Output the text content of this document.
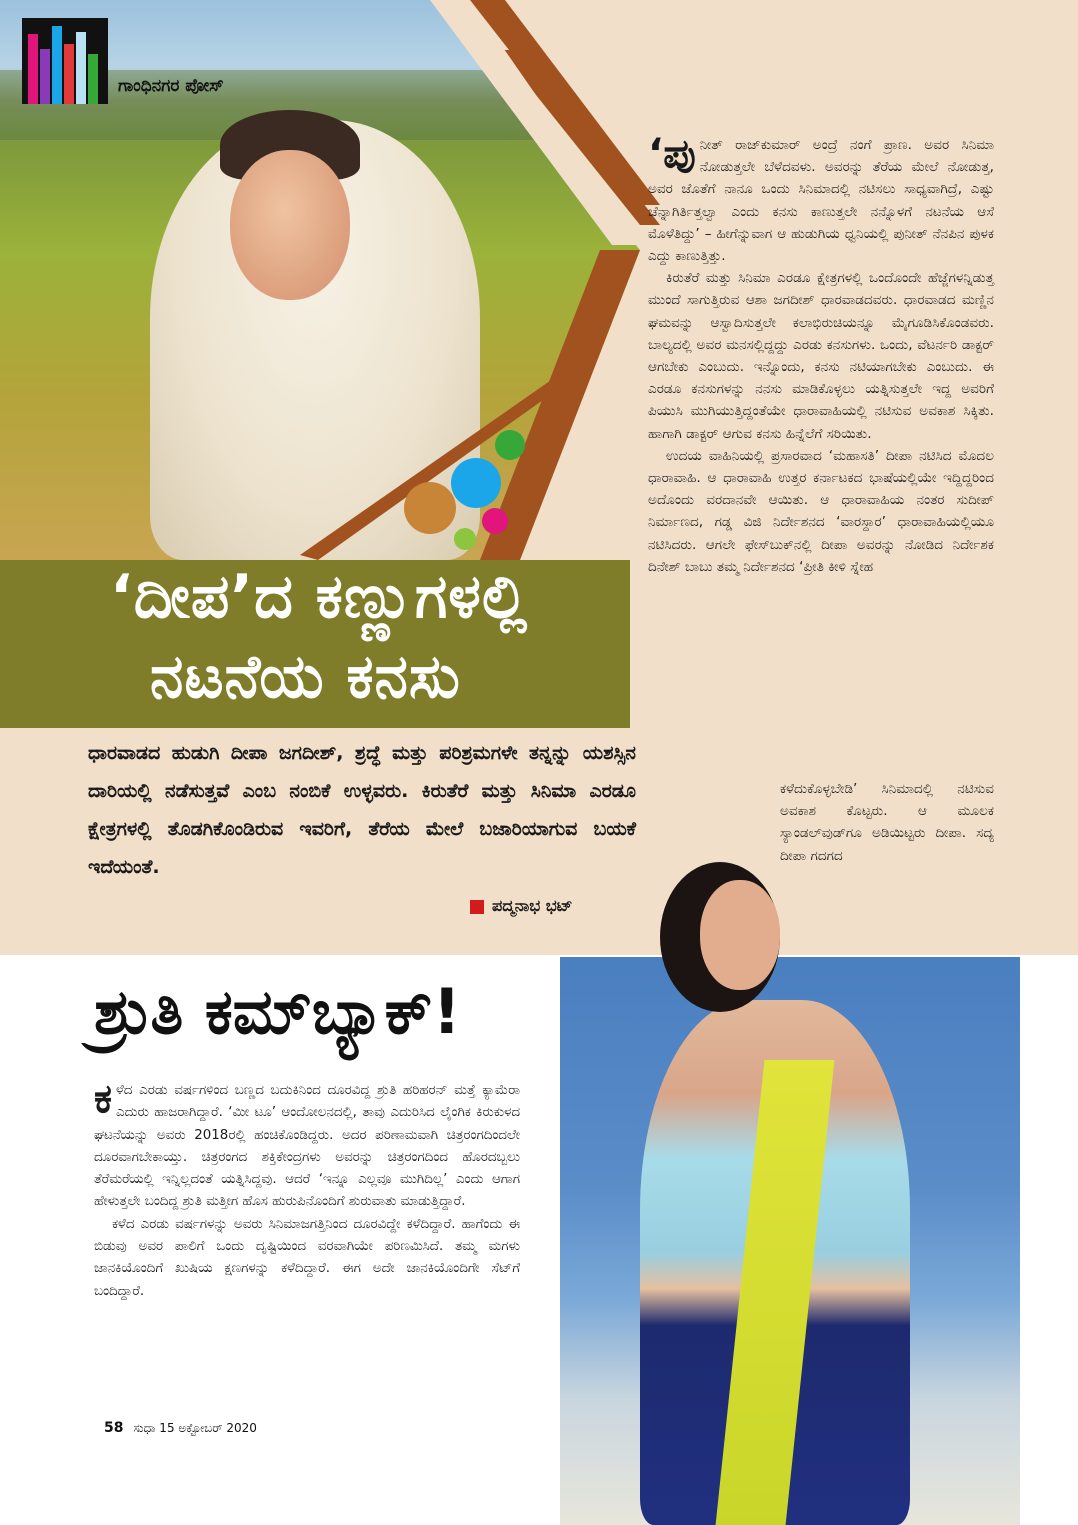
ಗಾಂಧಿನಗರ ಪೋಸ್
‘ದೀಪ’ದ ಕಣ್ಣುಗಳಲ್ಲಿ
ನಟನೆಯ ಕನಸು
ಧಾರವಾಡದ ಹುಡುಗಿ ದೀಪಾ ಜಗದೀಶ್, ಶ್ರದ್ಧೆ ಮತ್ತು ಪರಿಶ್ರಮಗಳೇ ತನ್ನನ್ನು ಯಶಸ್ಸಿನ ದಾರಿಯಲ್ಲಿ ನಡೆಸುತ್ತವೆ ಎಂಬ ನಂಬಿಕೆ ಉಳ್ಳವರು. ಕಿರುತೆರೆ ಮತ್ತು ಸಿನಿಮಾ ಎರಡೂ ಕ್ಷೇತ್ರಗಳಲ್ಲಿ ತೊಡಗಿಕೊಂಡಿರುವ ಇವರಿಗೆ, ತೆರೆಯ ಮೇಲೆ ಬಜಾರಿಯಾಗುವ ಬಯಕೆ ಇದೆಯಂತೆ.
ಪದ್ಮನಾಭ ಭಟ್

‘ಪುನೀತ್ ರಾಜ್‌ಕುಮಾರ್ ಅಂದ್ರೆ ನಂಗೆ ಪ್ರಾಣ. ಅವರ ಸಿನಿಮಾ ನೋಡುತ್ತಲೇ ಬೆಳೆದವಳು. ಅವರನ್ನು ತೆರೆಯ ಮೇಲೆ ನೋಡುತ್ತ, ಅವರ ಜೊತೆಗೆ ನಾನೂ ಒಂದು ಸಿನಿಮಾದಲ್ಲಿ ನಟಿಸಲು ಸಾಧ್ಯವಾಗಿದ್ರೆ, ಎಷ್ಟು ಚೆನ್ನಾಗಿರ್ತಿತ್ತಲ್ವಾ ಎಂದು ಕನಸು ಕಾಣುತ್ತಲೇ ನನ್ನೊಳಗೆ ನಟನೆಯ ಆಸೆ ಮೊಳೆತಿದ್ದು’ – ಹೀಗೆನ್ನುವಾಗ ಆ ಹುಡುಗಿಯ ಧ್ವನಿಯಲ್ಲಿ ಪುನೀತ್ ನೆನಪಿನ ಪುಳಕ ಎದ್ದು ಕಾಣುತ್ತಿತ್ತು.

ಕಿರುತೆರೆ ಮತ್ತು ಸಿನಿಮಾ ಎರಡೂ ಕ್ಷೇತ್ರಗಳಲ್ಲಿ ಒಂದೊಂದೇ ಹೆಜ್ಜೆಗಳನ್ನಿಡುತ್ತ ಮುಂದೆ ಸಾಗುತ್ತಿರುವ ಆಶಾ ಜಗದೀಶ್ ಧಾರವಾಡದವರು. ಧಾರವಾಡದ ಮಣ್ಣಿನ ಘಮವನ್ನು ಆಸ್ವಾದಿಸುತ್ತಲೇ ಕಲಾಭಿರುಚಿಯನ್ನೂ ಮೈಗೂಡಿಸಿಕೊಂಡವರು. ಬಾಲ್ಯದಲ್ಲಿ ಅವರ ಮನಸಲ್ಲಿದ್ದದ್ದು ಎರಡು ಕನಸುಗಳು. ಒಂದು, ವೆಟರ್ನರಿ ಡಾಕ್ಟರ್ ಆಗಬೇಕು ಎಂಬುದು. ಇನ್ನೊಂದು, ಕನಸು ನಟಿಯಾಗಬೇಕು ಎಂಬುದು. ಈ ಎರಡೂ ಕನಸುಗಳನ್ನು ನನಸು ಮಾಡಿಕೊಳ್ಳಲು ಯತ್ನಿಸುತ್ತಲೇ ಇದ್ದ ಅವರಿಗೆ ಪಿಯುಸಿ ಮುಗಿಯುತ್ತಿದ್ದಂತೆಯೇ ಧಾರಾವಾಹಿಯಲ್ಲಿ ನಟಿಸುವ ಅವಕಾಶ ಸಿಕ್ಕಿತು. ಹಾಗಾಗಿ ಡಾಕ್ಟರ್ ಆಗುವ ಕನಸು ಹಿನ್ನೆಲೆಗೆ ಸರಿಯಿತು.

ಉದಯ ವಾಹಿನಿಯಲ್ಲಿ ಪ್ರಸಾರವಾದ ‘ಮಹಾಸತಿ’ ದೀಪಾ ನಟಿಸಿದ ಮೊದಲ ಧಾರಾವಾಹಿ. ಆ ಧಾರಾವಾಹಿ ಉತ್ತರ ಕರ್ನಾಟಕದ ಭಾಷೆಯಲ್ಲಿಯೇ ಇದ್ದಿದ್ದರಿಂದ ಅದೊಂದು ವರದಾನವೇ ಆಯಿತು. ಆ ಧಾರಾವಾಹಿಯ ನಂತರ ಸುದೀಪ್ ನಿರ್ಮಾಣದ, ಗಡ್ಡ ವಿಜಿ ನಿರ್ದೇಶನದ ‘ವಾರಸ್ದಾರ’ ಧಾರಾವಾಹಿಯಲ್ಲಿಯೂ ನಟಿಸಿದರು. ಆಗಲೇ ಫೇಸ್‌ಬುಕ್‌ನಲ್ಲಿ ದೀಪಾ ಅವರನ್ನು ನೋಡಿದ ನಿರ್ದೇಶಕ ದಿನೇಶ್ ಬಾಬು ತಮ್ಮ ನಿರ್ದೇಶನದ ‘ಪ್ರೀತಿ ಕೀಳಿ ಸ್ನೇಹ

ಕಳೆದುಕೊಳ್ಳಬೇಡಿ’ ಸಿನಿಮಾದಲ್ಲಿ ನಟಿಸುವ ಅವಕಾಶ ಕೊಟ್ಟರು. ಆ ಮೂಲಕ ಸ್ಯಾಂಡಲ್‌ವುಡ್‌ಗೂ ಅಡಿಯಿಟ್ಟರು ದೀಪಾ. ಸದ್ಯ ದೀಪಾ ಗದಗದ
ಶ್ರುತಿ ಕಮ್‌ಬ್ಯಾಕ್!

ಕಳೆದ ಎರಡು ವರ್ಷಗಳಿಂದ ಬಣ್ಣದ ಬದುಕಿನಿಂದ ದೂರವಿದ್ದ ಶ್ರುತಿ ಹರಿಹರನ್ ಮತ್ತೆ ಕ್ಯಾಮೆರಾ ಎದುರು ಹಾಜರಾಗಿದ್ದಾರೆ. ‘ಮೀ ಟೂ’ ಆಂದೋಲನದಲ್ಲಿ, ತಾವು ಎದುರಿಸಿದ ಲೈಂಗಿಕ ಕಿರುಕುಳದ ಘಟನೆಯನ್ನು ಅವರು 2018ರಲ್ಲಿ ಹಂಚಿಕೊಂಡಿದ್ದರು. ಅದರ ಪರಿಣಾಮವಾಗಿ ಚಿತ್ರರಂಗದಿಂದಲೇ ದೂರವಾಗಬೇಕಾಯ್ತು. ಚಿತ್ರರಂಗದ ಶಕ್ತಿಕೇಂದ್ರಗಳು ಅವರನ್ನು ಚಿತ್ರರಂಗದಿಂದ ಹೊರದಬ್ಬಲು ತೆರೆಮರೆಯಲ್ಲಿ ಇನ್ನಿಲ್ಲದಂತೆ ಯತ್ನಿಸಿದ್ದವು. ಆದರೆ ‘ಇನ್ನೂ ಎಲ್ಲವೂ ಮುಗಿದಿಲ್ಲ’ ಎಂದು ಆಗಾಗ ಹೇಳುತ್ತಲೇ ಬಂದಿದ್ದ ಶ್ರುತಿ ಮತ್ತೀಗ ಹೊಸ ಹುರುಪಿನೊಂದಿಗೆ ಶುರುವಾತು ಮಾಡುತ್ತಿದ್ದಾರೆ.

ಕಳೆದ ಎರಡು ವರ್ಷಗಳನ್ನು ಅವರು ಸಿನಿಮಾಜಗತ್ತಿನಿಂದ ದೂರವಿದ್ದೇ ಕಳೆದಿದ್ದಾರೆ. ಹಾಗೆಂದು ಈ ಬಿಡುವು ಅವರ ಪಾಲಿಗೆ ಒಂದು ದೃಷ್ಟಿಯಿಂದ ವರವಾಗಿಯೇ ಪರಿಣಮಿಸಿದೆ. ತಮ್ಮ ಮಗಳು ಜಾನಕಿಯೊಂದಿಗೆ ಖುಷಿಯ ಕ್ಷಣಗಳನ್ನು ಕಳೆದಿದ್ದಾರೆ. ಈಗ ಅದೇ ಜಾನಕಿಯೊಂದಿಗೇ ಸೆಟ್‌ಗೆ ಬಂದಿದ್ದಾರೆ.

58 ಸುಧಾ 15 ಅಕ್ಟೋಬರ್ 2020
